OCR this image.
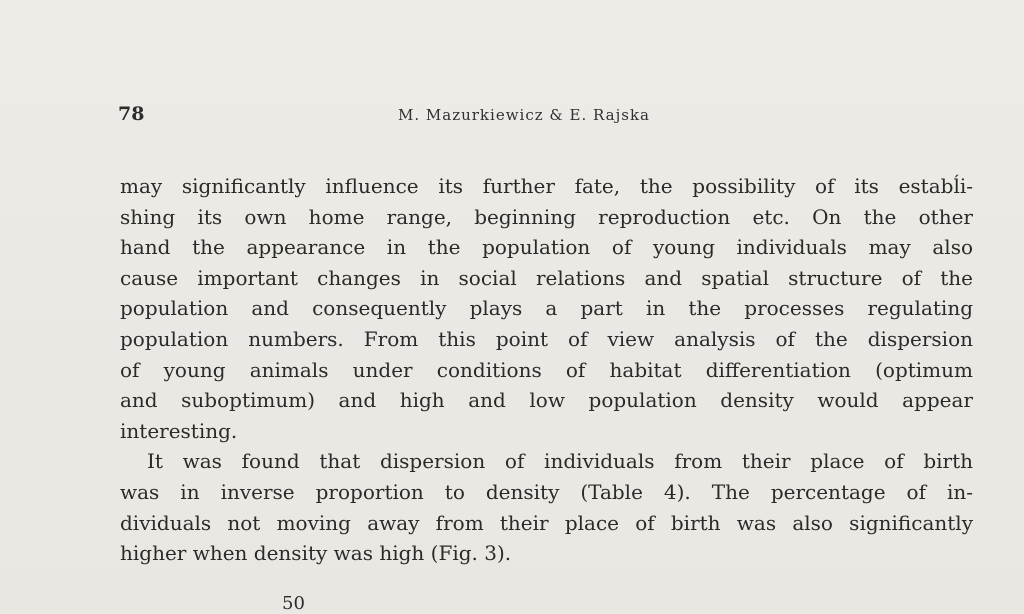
78	M. Mazurkiewicz & E. Rajska
may significantly influence its further fate, the possibility of its estabĺi-
shing its own home range, beginning reproduction etc. On the other
hand the appearance in the population of young individuals may also
cause important changes in social relations and spatial structure of the
population and consequently plays a part in the processes regulating
population numbers. From this point of view analysis of the dispersion
of young animals under conditions of habitat differentiation (optimum
and suboptimum) and high and low population density would appear
interesting.
It was found that dispersion of individuals from their place of birth
was in inverse proportion to density (Table 4). The percentage of in-
dividuals not moving away from their place of birth was also significantly
higher when density was high (Fig. 3).
50
